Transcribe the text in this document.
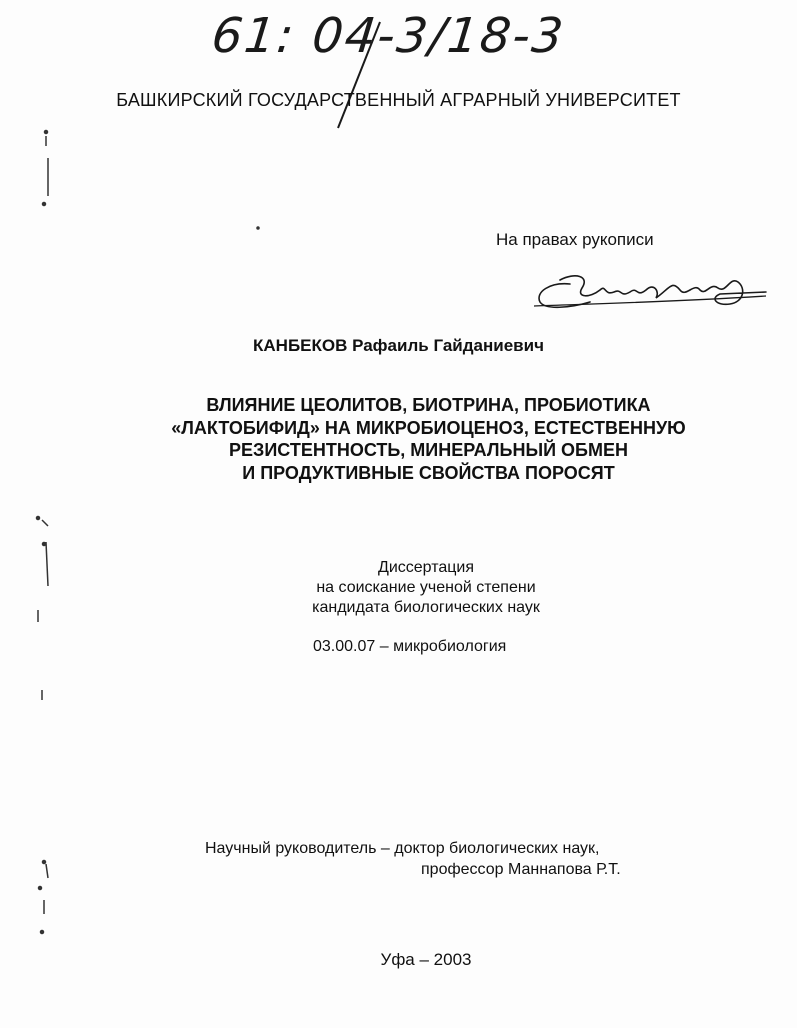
61: 04-3/18-3
БАШКИРСКИЙ ГОСУДАРСТВЕННЫЙ АГРАРНЫЙ УНИВЕРСИТЕТ
На правах рукописи
КАНБЕКОВ Рафаиль Гайданиевич
ВЛИЯНИЕ ЦЕОЛИТОВ, БИОТРИНА, ПРОБИОТИКА
«ЛАКТОБИФИД» НА МИКРОБИОЦЕНОЗ, ЕСТЕСТВЕННУЮ
РЕЗИСТЕНТНОСТЬ, МИНЕРАЛЬНЫЙ ОБМЕН
И ПРОДУКТИВНЫЕ СВОЙСТВА ПОРОСЯТ
Диссертация
на соискание ученой степени
кандидата биологических наук
03.00.07 – микробиология
Научный руководитель – доктор биологических наук,
профессор Маннапова Р.Т.
Уфа – 2003
